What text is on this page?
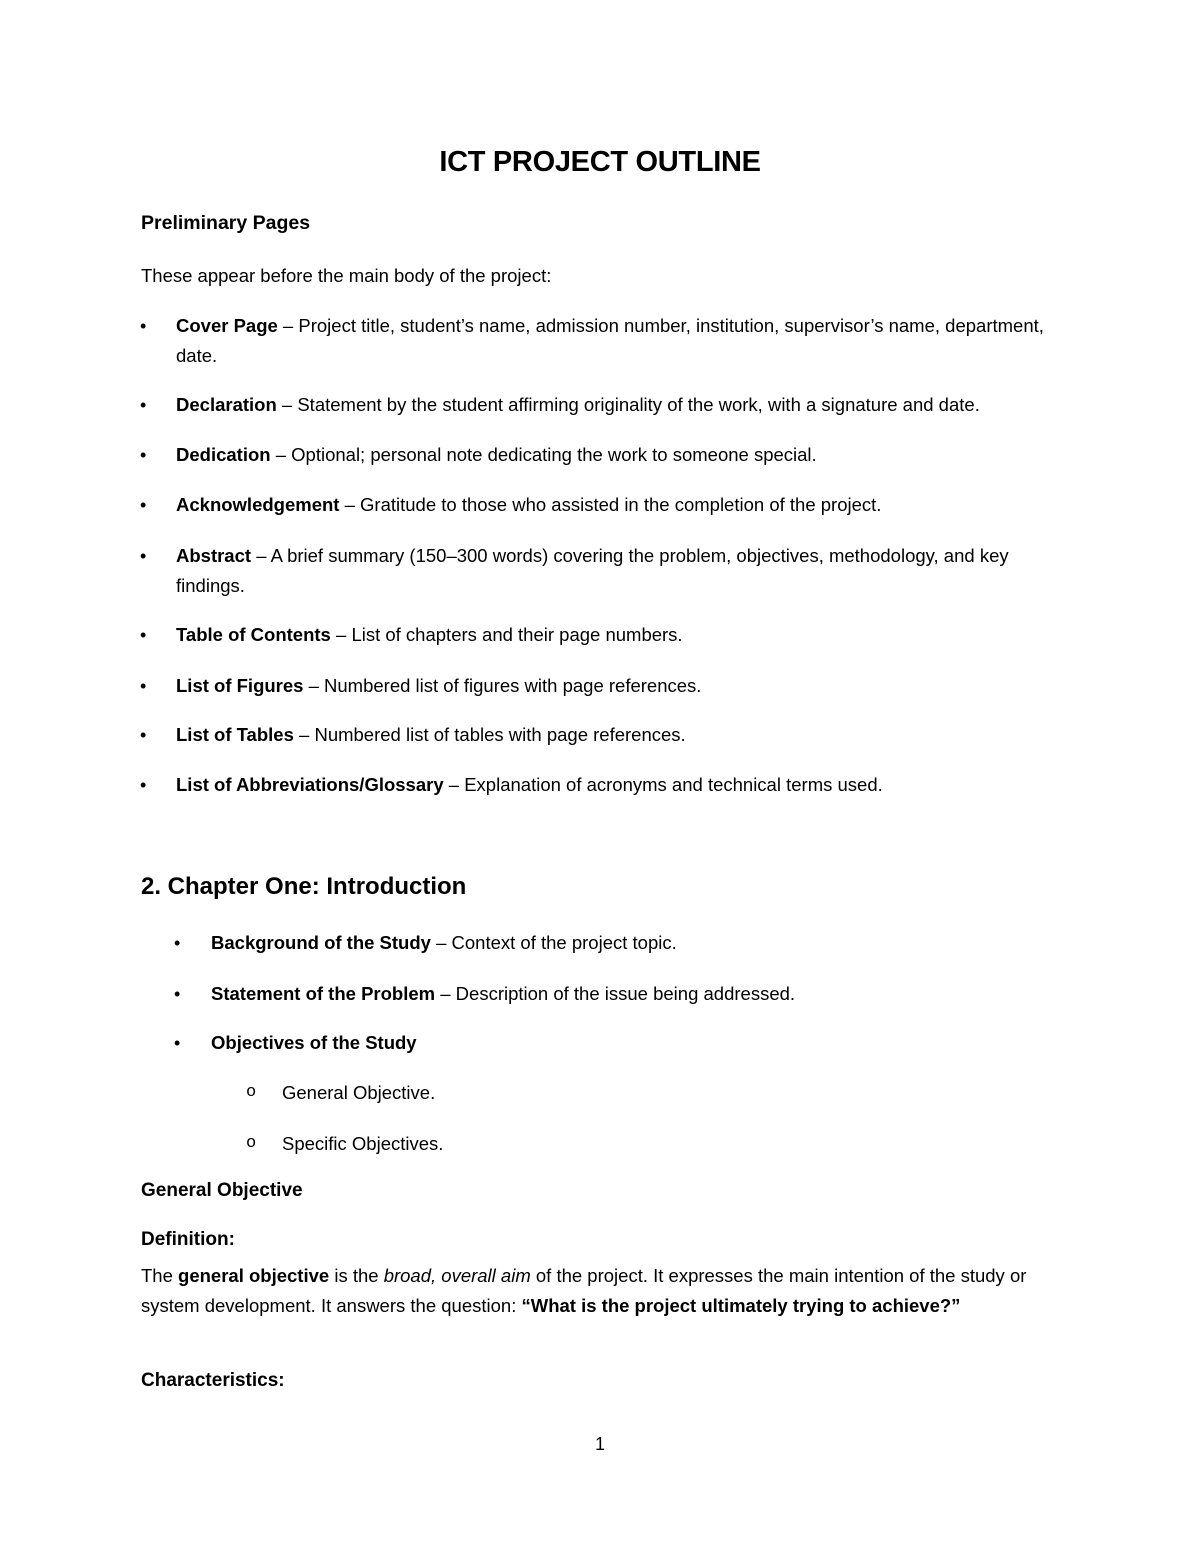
ICT PROJECT OUTLINE
Preliminary Pages
These appear before the main body of the project:
• Cover Page – Project title, student’s name, admission number, institution, supervisor’s name, department, date.
• Declaration – Statement by the student affirming originality of the work, with a signature and date.
• Dedication – Optional; personal note dedicating the work to someone special.
• Acknowledgement – Gratitude to those who assisted in the completion of the project.
• Abstract – A brief summary (150–300 words) covering the problem, objectives, methodology, and key findings.
• Table of Contents – List of chapters and their page numbers.
• List of Figures – Numbered list of figures with page references.
• List of Tables – Numbered list of tables with page references.
• List of Abbreviations/Glossary – Explanation of acronyms and technical terms used.
2. Chapter One: Introduction
• Background of the Study – Context of the project topic.
• Statement of the Problem – Description of the issue being addressed.
• Objectives of the Study
o General Objective.
o Specific Objectives.
General Objective
Definition:
The general objective is the broad, overall aim of the project. It expresses the main intention of the study or system development. It answers the question: “What is the project ultimately trying to achieve?”
Characteristics:
1
